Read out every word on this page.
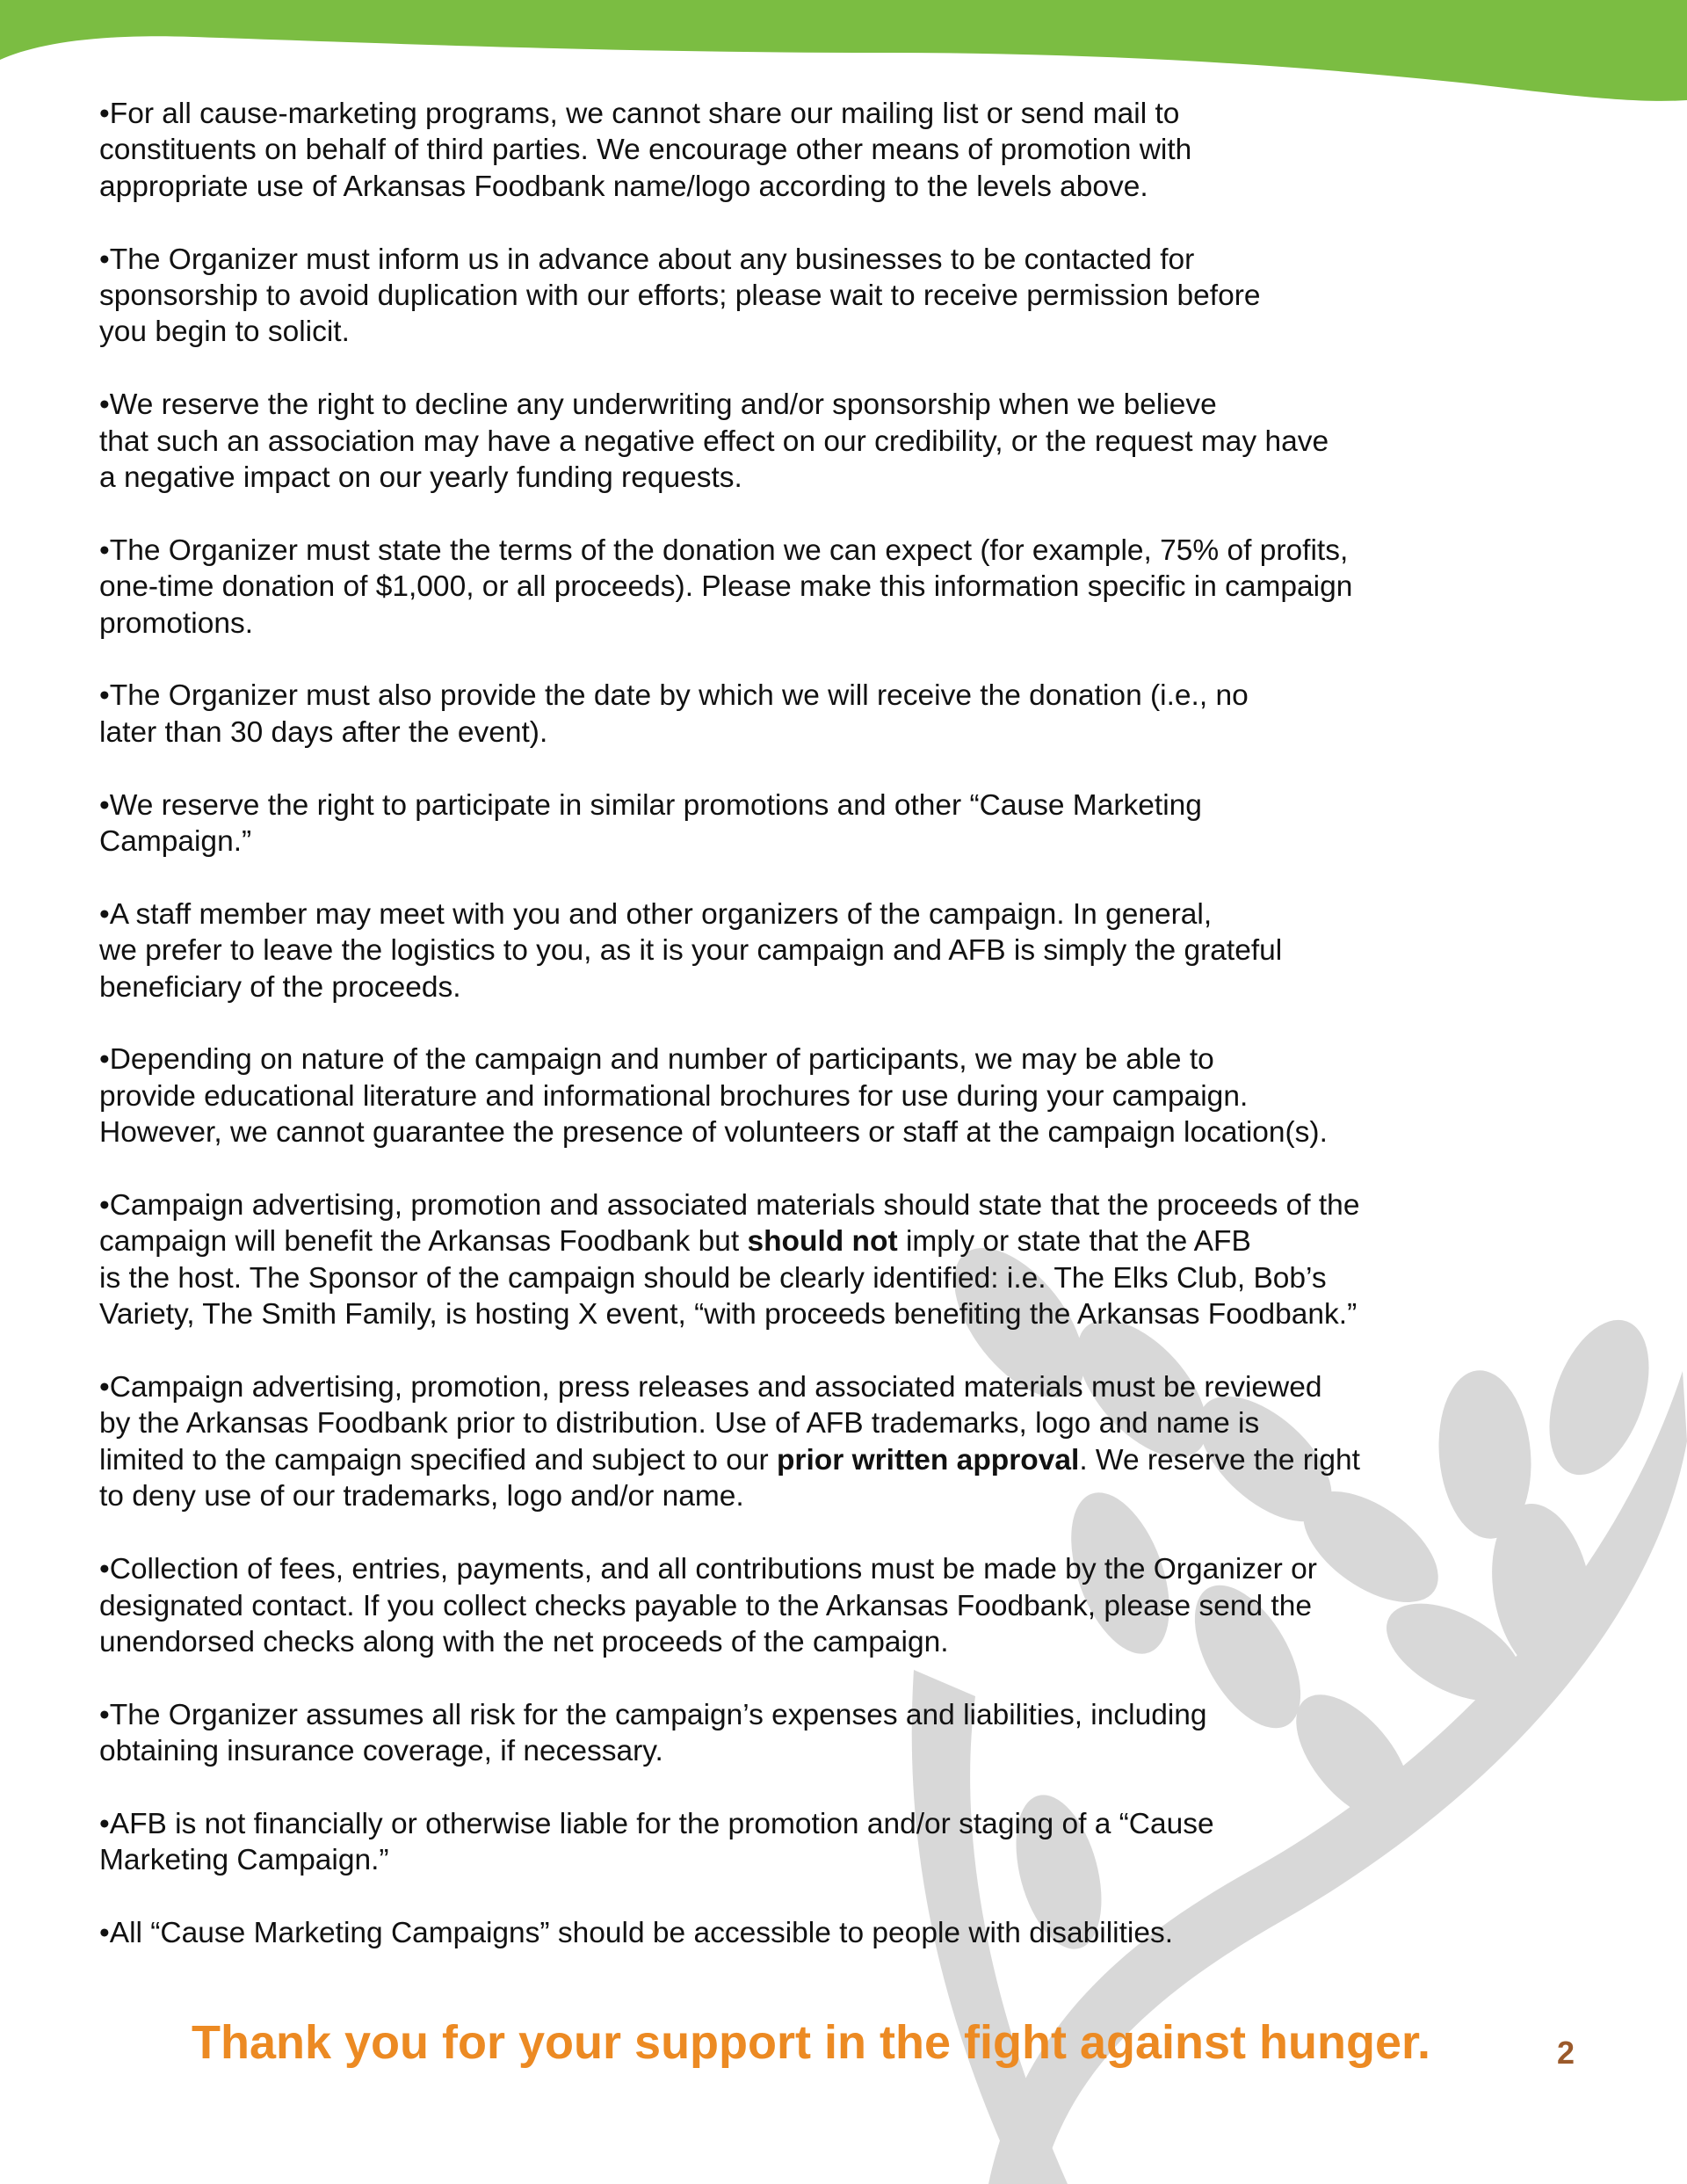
•For all cause-marketing programs, we cannot share our mailing list or send mail to
constituents on behalf of third parties. We encourage other means of promotion with
appropriate use of Arkansas Foodbank name/logo according to the levels above.

•The Organizer must inform us in advance about any businesses to be contacted for
sponsorship to avoid duplication with our efforts; please wait to receive permission before
you begin to solicit.

•We reserve the right to decline any underwriting and/or sponsorship when we believe
that such an association may have a negative effect on our credibility, or the request may have
a negative impact on our yearly funding requests.

•The Organizer must state the terms of the donation we can expect (for example, 75% of profits,
one-time donation of $1,000, or all proceeds). Please make this information specific in campaign
promotions.

•The Organizer must also provide the date by which we will receive the donation (i.e., no
later than 30 days after the event).

•We reserve the right to participate in similar promotions and other “Cause Marketing
Campaign.”

•A staff member may meet with you and other organizers of the campaign. In general,
we prefer to leave the logistics to you, as it is your campaign and AFB is simply the grateful
beneficiary of the proceeds.

•Depending on nature of the campaign and number of participants, we may be able to
provide educational literature and informational brochures for use during your campaign.
However, we cannot guarantee the presence of volunteers or staff at the campaign location(s).

•Campaign advertising, promotion and associated materials should state that the proceeds of the
campaign will benefit the Arkansas Foodbank but should not imply or state that the AFB
is the host. The Sponsor of the campaign should be clearly identified: i.e. The Elks Club, Bob’s
Variety, The Smith Family, is hosting X event, “with proceeds benefiting the Arkansas Foodbank.”

•Campaign advertising, promotion, press releases and associated materials must be reviewed
by the Arkansas Foodbank prior to distribution. Use of AFB trademarks, logo and name is
limited to the campaign specified and subject to our prior written approval. We reserve the right
to deny use of our trademarks, logo and/or name.

•Collection of fees, entries, payments, and all contributions must be made by the Organizer or
designated contact. If you collect checks payable to the Arkansas Foodbank, please send the
unendorsed checks along with the net proceeds of the campaign.

•The Organizer assumes all risk for the campaign’s expenses and liabilities, including
obtaining insurance coverage, if necessary.

•AFB is not financially or otherwise liable for the promotion and/or staging of a “Cause
Marketing Campaign.”

•All “Cause Marketing Campaigns” should be accessible to people with disabilities.

Thank you for your support in the fight against hunger.	2
